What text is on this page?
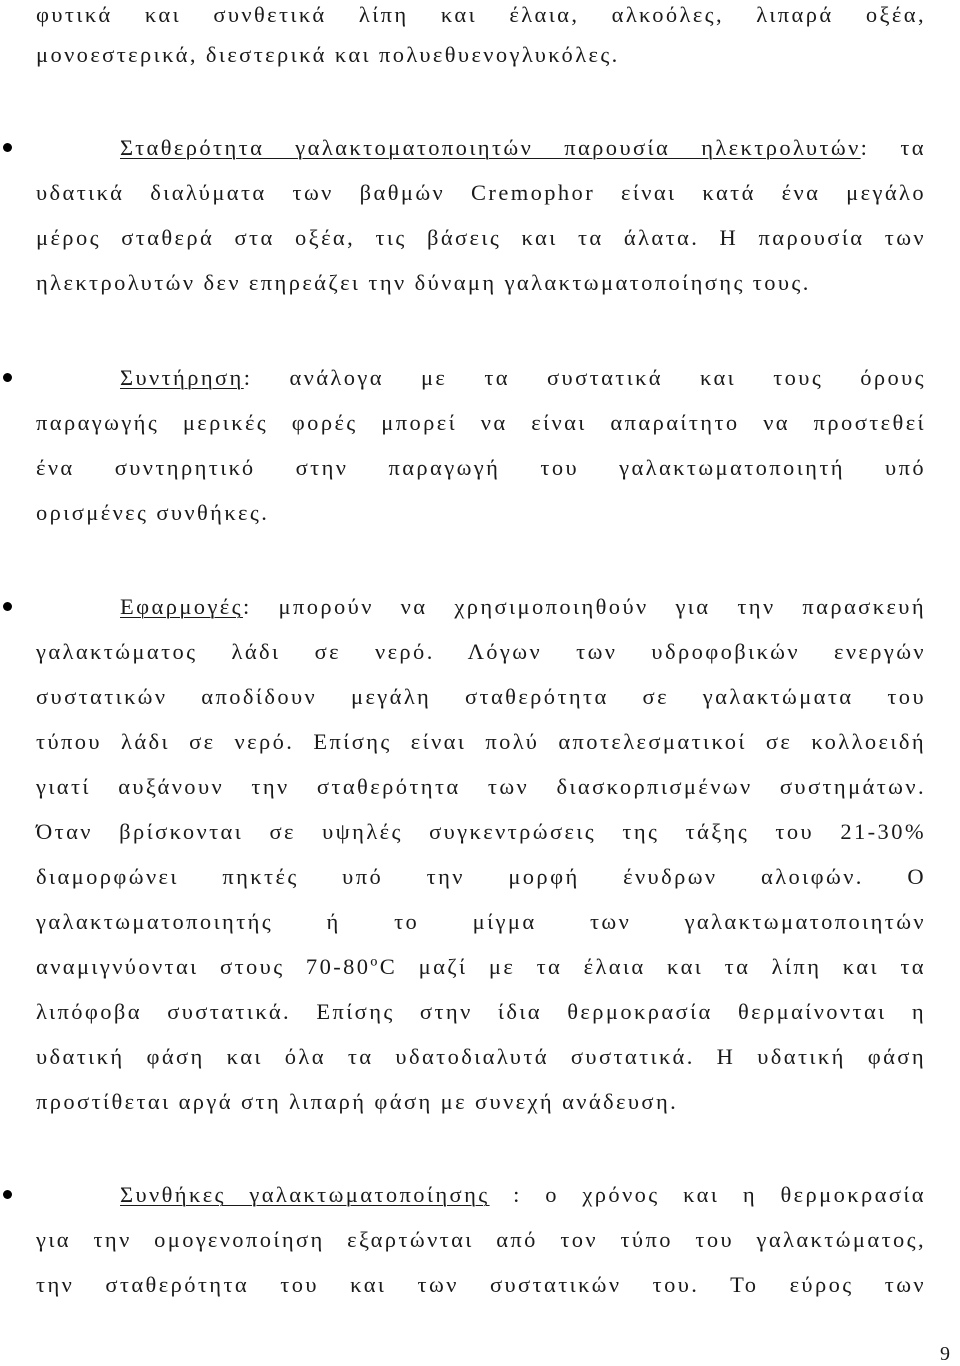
φυτικά και συνθετικά λίπη και έλαια, αλκοόλες, λιπαρά οξέα,
μονοεστερικά, διεστερικά και πολυεθυενογλυκόλες.
Σταθερότητα γαλακτοματοποιητών παρουσία ηλεκτρολυτών: τα
υδατικά διαλύματα των βαθμών Cremophor είναι κατά ένα μεγάλο
μέρος σταθερά στα οξέα, τις βάσεις και τα άλατα. Η παρουσία των
ηλεκτρολυτών δεν επηρεάζει την δύναμη γαλακτωματοποίησης τους.
Συντήρηση: ανάλογα με τα συστατικά και τους όρους
παραγωγής μερικές φορές μπορεί να είναι απαραίτητο να προστεθεί
ένα συντηρητικό στην παραγωγή του γαλακτωματοποιητή υπό
ορισμένες συνθήκες.
Εφαρμογές: μπορούν να χρησιμοποιηθούν για την παρασκευή
γαλακτώματος λάδι σε νερό. Λόγων των υδροφοβικών ενεργών
συστατικών αποδίδουν μεγάλη σταθερότητα σε γαλακτώματα του
τύπου λάδι σε νερό. Επίσης είναι πολύ αποτελεσματικοί σε κολλοειδή
γιατί αυξάνουν την σταθερότητα των διασκορπισμένων συστημάτων.
Όταν βρίσκονται σε υψηλές συγκεντρώσεις της τάξης του 21-30%
διαμορφώνει πηκτές υπό την μορφή ένυδρων αλοιφών. Ο
γαλακτωματοποιητής ή το μίγμα των γαλακτωματοποιητών
αναμιγνύονται στους 70-80ºC μαζί με τα έλαια και τα λίπη και τα
λιπόφοβα συστατικά. Επίσης στην ίδια θερμοκρασία θερμαίνονται η
υδατική φάση και όλα τα υδατοδιαλυτά συστατικά. Η υδατική φάση
προστίθεται αργά στη λιπαρή φάση με συνεχή ανάδευση.
Συνθήκες γαλακτωματοποίησης : ο χρόνος και η θερμοκρασία
για την ομογενοποίηση εξαρτώνται από τον τύπο του γαλακτώματος,
την σταθερότητα του και των συστατικών του. Το εύρος των
9
